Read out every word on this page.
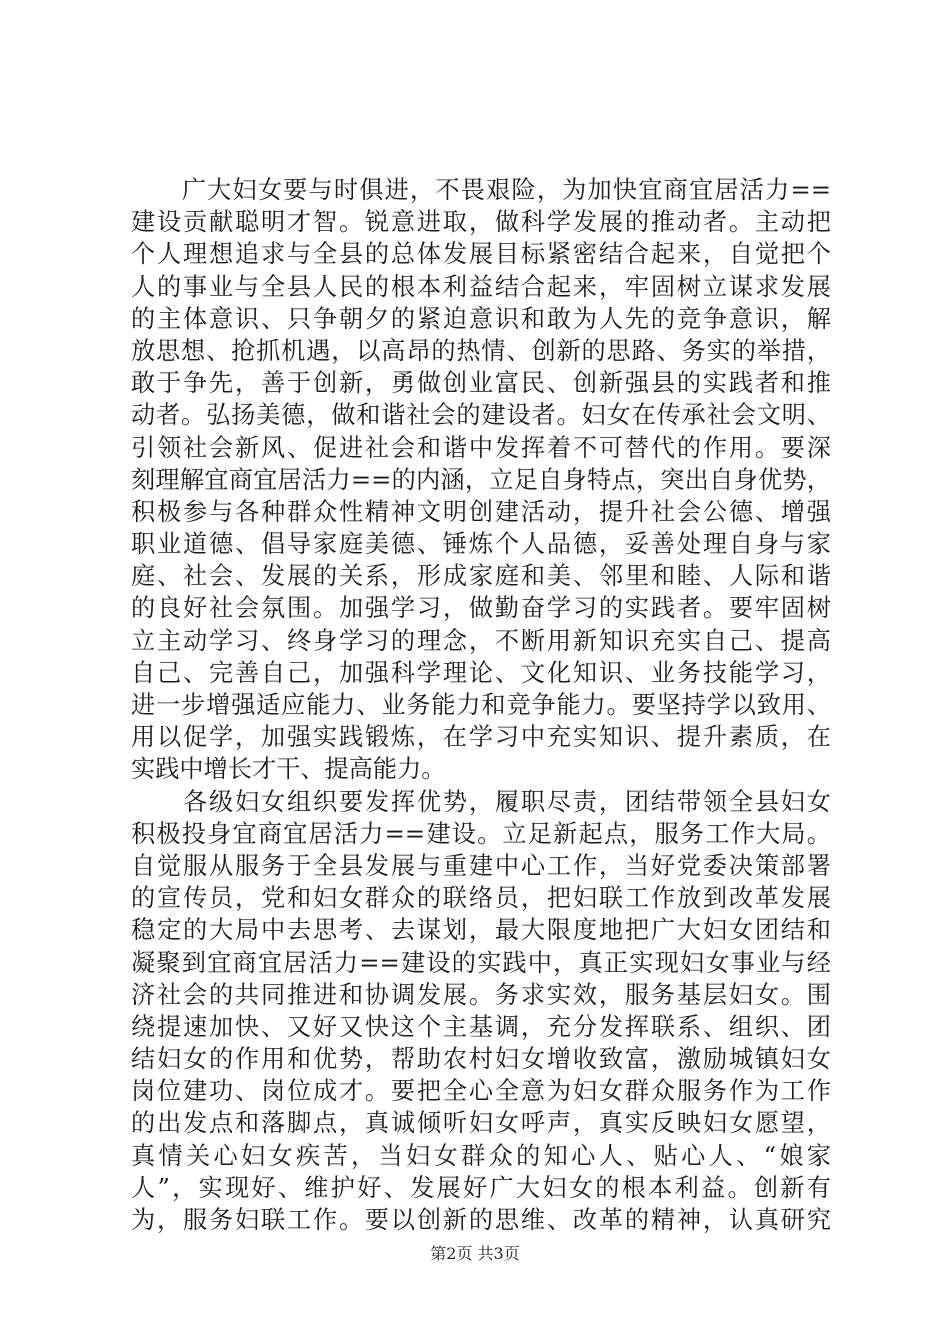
　　广大妇女要与时俱进，不畏艰险，为加快宜商宜居活力==
建设贡献聪明才智。锐意进取，做科学发展的推动者。主动把
个人理想追求与全县的总体发展目标紧密结合起来，自觉把个
人的事业与全县人民的根本利益结合起来，牢固树立谋求发展
的主体意识、只争朝夕的紧迫意识和敢为人先的竞争意识，解
放思想、抢抓机遇，以高昂的热情、创新的思路、务实的举措，
敢于争先，善于创新，勇做创业富民、创新强县的实践者和推
动者。弘扬美德，做和谐社会的建设者。妇女在传承社会文明、
引领社会新风、促进社会和谐中发挥着不可替代的作用。要深
刻理解宜商宜居活力==的内涵，立足自身特点，突出自身优势，
积极参与各种群众性精神文明创建活动，提升社会公德、增强
职业道德、倡导家庭美德、锤炼个人品德，妥善处理自身与家
庭、社会、发展的关系，形成家庭和美、邻里和睦、人际和谐
的良好社会氛围。加强学习，做勤奋学习的实践者。要牢固树
立主动学习、终身学习的理念，不断用新知识充实自己、提高
自己、完善自己，加强科学理论、文化知识、业务技能学习，
进一步增强适应能力、业务能力和竞争能力。要坚持学以致用、
用以促学，加强实践锻炼，在学习中充实知识、提升素质，在
实践中增长才干、提高能力。
　　各级妇女组织要发挥优势，履职尽责，团结带领全县妇女
积极投身宜商宜居活力==建设。立足新起点，服务工作大局。
自觉服从服务于全县发展与重建中心工作，当好党委决策部署
的宣传员，党和妇女群众的联络员，把妇联工作放到改革发展
稳定的大局中去思考、去谋划，最大限度地把广大妇女团结和
凝聚到宜商宜居活力==建设的实践中，真正实现妇女事业与经
济社会的共同推进和协调发展。务求实效，服务基层妇女。围
绕提速加快、又好又快这个主基调，充分发挥联系、组织、团
结妇女的作用和优势，帮助农村妇女增收致富，激励城镇妇女
岗位建功、岗位成才。要把全心全意为妇女群众服务作为工作
的出发点和落脚点，真诚倾听妇女呼声，真实反映妇女愿望，
真情关心妇女疾苦，当妇女群众的知心人、贴心人、“娘家
人”，实现好、维护好、发展好广大妇女的根本利益。创新有
为，服务妇联工作。要以创新的思维、改革的精神，认真研究
第2页 共3页
